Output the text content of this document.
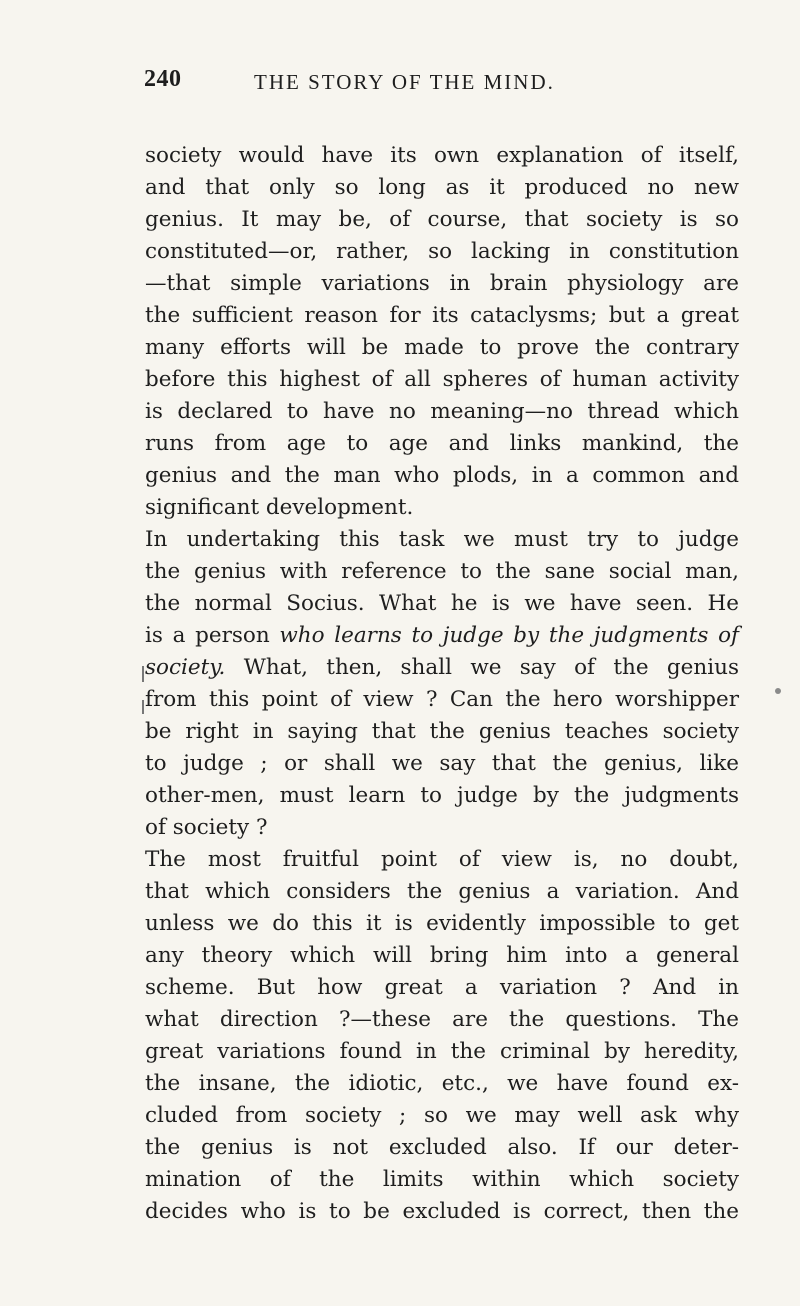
240	THE STORY OF THE MIND.
society would have its own explanation of itself,
and that only so long as it produced no new
genius. It may be, of course, that society is so
constituted—or, rather, so lacking in constitution
—that simple variations in brain physiology are
the sufficient reason for its cataclysms; but a great
many efforts will be made to prove the contrary
before this highest of all spheres of human activity
is declared to have no meaning—no thread which
runs from age to age and links mankind, the
genius and the man who plods, in a common and
significant development.
In undertaking this task we must try to judge
the genius with reference to the sane social man,
the normal Socius. What he is we have seen. He
is a person who learns to judge by the judgments of
society. What, then, shall we say of the genius
from this point of view ? Can the hero worshipper
be right in saying that the genius teaches society
to judge ; or shall we say that the genius, like
other-men, must learn to judge by the judgments
of society ?
The most fruitful point of view is, no doubt,
that which considers the genius a variation. And
unless we do this it is evidently impossible to get
any theory which will bring him into a general
scheme. But how great a variation ? And in
what direction ?—these are the questions. The
great variations found in the criminal by heredity,
the insane, the idiotic, etc., we have found ex-
cluded from society ; so we may well ask why
the genius is not excluded also. If our deter-
mination of the limits within which society
decides who is to be excluded is correct, then the
